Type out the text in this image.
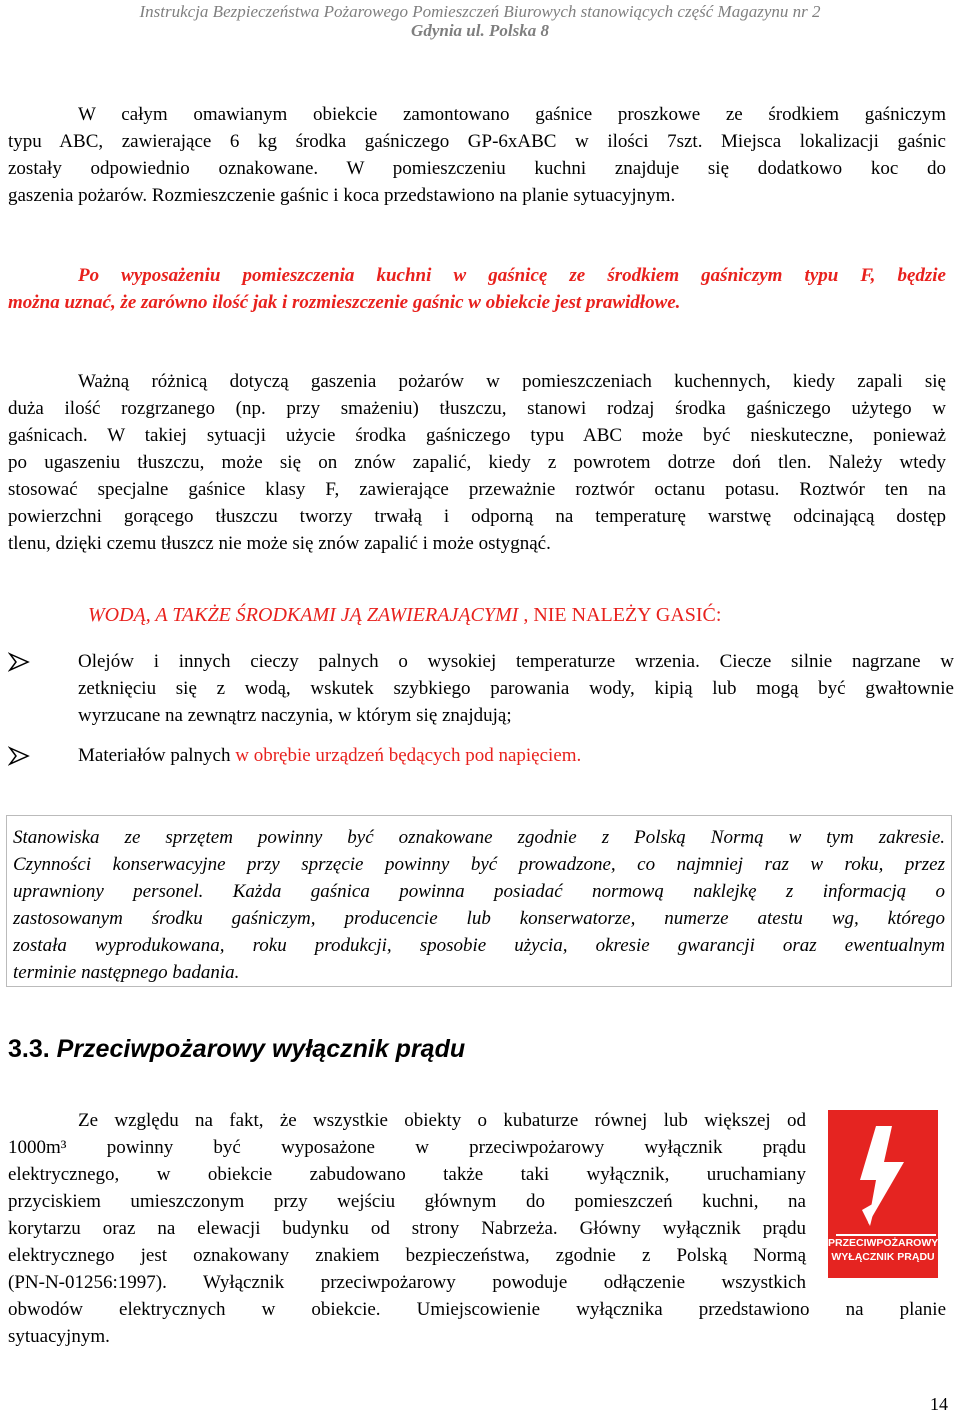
Instrukcja Bezpieczeństwa Pożarowego Pomieszczeń Biurowych stanowiących część Magazynu nr 2
Gdynia ul. Polska 8
W całym omawianym obiekcie zamontowano gaśnice proszkowe ze środkiem gaśniczym
typu ABC, zawierające 6 kg środka gaśniczego GP-6xABC w ilości 7szt. Miejsca lokalizacji gaśnic
zostały odpowiednio oznakowane. W pomieszczeniu kuchni znajduje się dodatkowo koc do
gaszenia pożarów. Rozmieszczenie gaśnic i koca przedstawiono na planie sytuacyjnym.
Po wyposażeniu pomieszczenia kuchni w gaśnicę ze środkiem gaśniczym typu F, będzie
można uznać, że zarówno ilość jak i rozmieszczenie gaśnic w obiekcie jest prawidłowe.
Ważną różnicą dotyczą gaszenia pożarów w pomieszczeniach kuchennych, kiedy zapali się
duża ilość rozgrzanego (np. przy smażeniu) tłuszczu, stanowi rodzaj środka gaśniczego użytego w
gaśnicach. W takiej sytuacji użycie środka gaśniczego typu ABC może być nieskuteczne, ponieważ
po ugaszeniu tłuszczu, może się on znów zapalić, kiedy z powrotem dotrze doń tlen. Należy wtedy
stosować specjalne gaśnice klasy F, zawierające przeważnie roztwór octanu potasu. Roztwór ten na
powierzchni gorącego tłuszczu tworzy trwałą i odporną na temperaturę warstwę odcinającą dostęp
tlenu, dzięki czemu tłuszcz nie może się znów zapalić i może ostygnąć.
WODĄ, A TAKŻE ŚRODKAMI JĄ ZAWIERAJĄCYMI , NIE NALEŻY GASIĆ:
Olejów i innych cieczy palnych o wysokiej temperaturze wrzenia. Ciecze silnie nagrzane w
zetknięciu się z wodą, wskutek szybkiego parowania wody, kipią lub mogą być gwałtownie
wyrzucane na zewnątrz naczynia, w którym się znajdują;
Materiałów palnych w obrębie urządzeń będących pod napięciem.
Stanowiska ze sprzętem powinny być oznakowane zgodnie z Polską Normą w tym zakresie.
Czynności konserwacyjne przy sprzęcie powinny być prowadzone, co najmniej raz w roku, przez
uprawniony personel. Każda gaśnica powinna posiadać normową naklejkę z informacją o
zastosowanym środku gaśniczym, producencie lub konserwatorze, numerze atestu wg, którego
została wyprodukowana, roku produkcji, sposobie użycia, okresie gwarancji oraz ewentualnym
terminie następnego badania.
3.3. Przeciwpożarowy wyłącznik prądu
Ze względu na fakt, że wszystkie obiekty o kubaturze równej lub większej od
1000m³ powinny być wyposażone w przeciwpożarowy wyłącznik prądu
elektrycznego, w obiekcie zabudowano także taki wyłącznik, uruchamiany
przyciskiem umieszczonym przy wejściu głównym do pomieszczeń kuchni, na
korytarzu oraz na elewacji budynku od strony Nabrzeża. Główny wyłącznik prądu
elektrycznego jest oznakowany znakiem bezpieczeństwa, zgodnie z Polską Normą
(PN-N-01256:1997). Wyłącznik przeciwpożarowy powoduje odłączenie wszystkich
obwodów elektrycznych w obiekcie. Umiejscowienie wyłącznika przedstawiono na planie
sytuacyjnym.
PRZECIWPOŻAROWY
WYŁĄCZNIK PRĄDU
14
